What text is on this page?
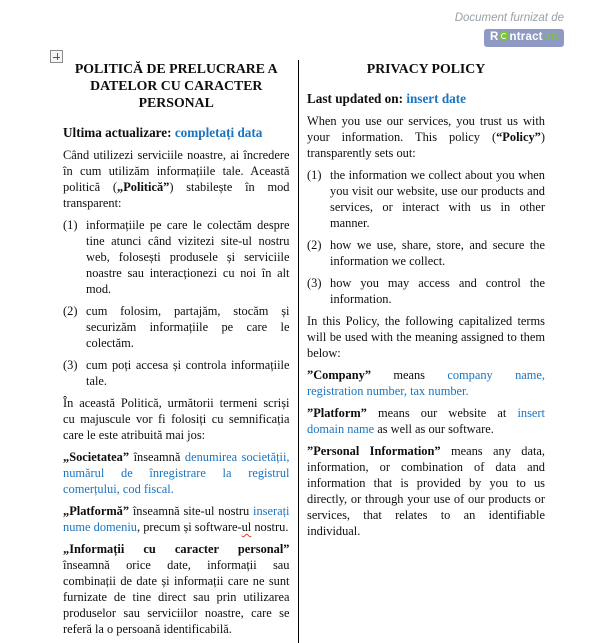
Document furnizat de
R ntract.ro
POLITICĂ DE PRELUCRARE A DATELOR CU CARACTER PERSONAL

Ultima actualizare: completați data

Când utilizezi serviciile noastre, ai încredere în cum utilizăm informațiile tale. Această politică („Politică”) stabilește în mod transparent:

(1) informațiile pe care le colectăm despre tine atunci când vizitezi site-ul nostru web, folosești produsele și serviciile noastre sau interacționezi cu noi în alt mod.
(2) cum folosim, partajăm, stocăm și securizăm informațiile pe care le colectăm.
(3) cum poți accesa și controla informațiile tale.

În această Politică, următorii termeni scriși cu majuscule vor fi folosiți cu semnificația care le este atribuită mai jos:

„Societatea” înseamnă denumirea societății, numărul de înregistrare la registrul comerțului, cod fiscal.

„Platformă” înseamnă site-ul nostru inserați nume domeniu, precum și software-ul nostru.

„Informații cu caracter personal” înseamnă orice date, informații sau combinații de date și informații care ne sunt furnizate de tine direct sau prin utilizarea produselor sau serviciilor noastre, care se referă la o persoană identificabilă.

PRIVACY POLICY

Last updated on: insert date

When you use our services, you trust us with your information. This policy (“Policy”) transparently sets out:

(1) the information we collect about you when you visit our website, use our products and services, or interact with us in other manner.
(2) how we use, share, store, and secure the information we collect.
(3) how you may access and control the information.

In this Policy, the following capitalized terms will be used with the meaning assigned to them below:

”Company” means company name, registration number, tax number.

”Platform” means our website at insert domain name as well as our software.

”Personal Information” means any data, information, or combination of data and information that is provided by you to us directly, or through your use of our products or services, that relates to an identifiable individual.
